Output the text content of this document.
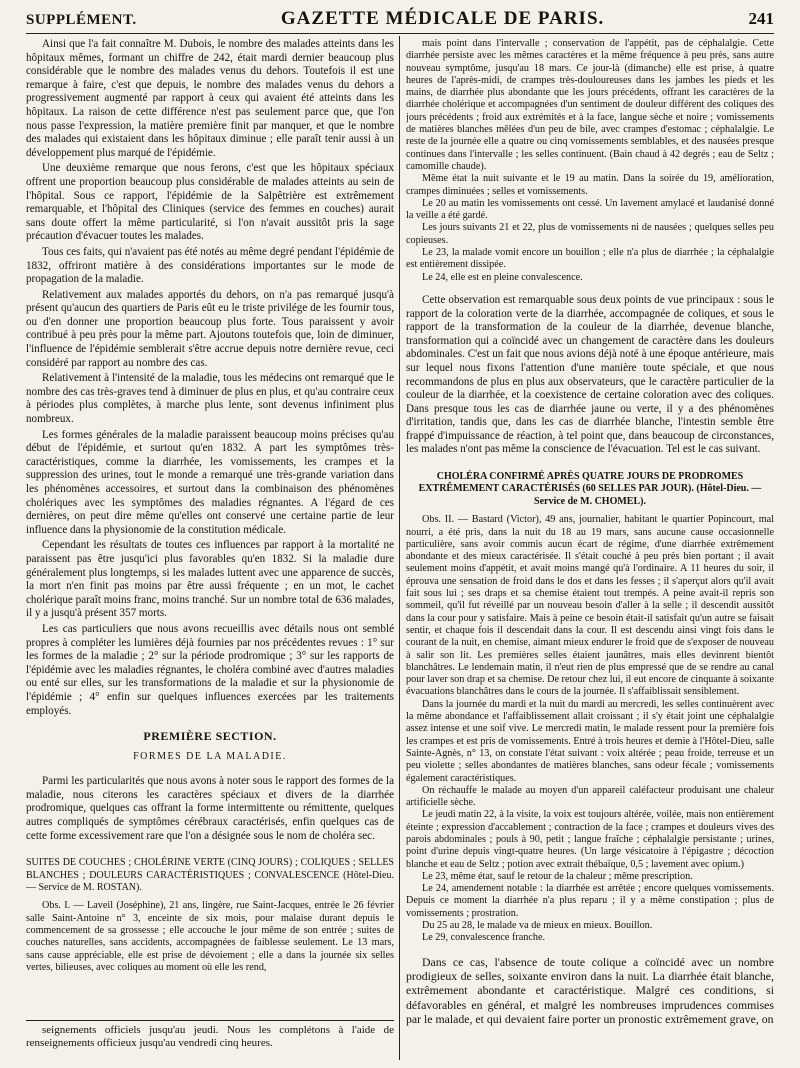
SUPPLÉMENT.	GAZETTE MÉDICALE DE PARIS.	241

Ainsi que l'a fait connaître M. Dubois, le nombre des malades atteints dans les hôpitaux mêmes, formant un chiffre de 242, était mardi dernier beaucoup plus considérable que le nombre des malades venus du dehors. Toutefois il est une remarque à faire, c'est que depuis, le nombre des malades venus du dehors a progressivement augmenté par rapport à ceux qui avaient été atteints dans les hôpitaux. La raison de cette différence n'est pas seulement parce que, que l'on nous passe l'expression, la matière première finit par manquer, et que le nombre des malades qui existaient dans les hôpitaux diminue ; elle paraît tenir aussi à un développement plus marqué de l'épidémie.

Une deuxième remarque que nous ferons, c'est que les hôpitaux spéciaux offrent une proportion beaucoup plus considérable de malades atteints au sein de l'hôpital. Sous ce rapport, l'épidémie de la Salpêtrière est extrêmement remarquable, et l'hôpital des Cliniques (service des femmes en couches) aurait sans doute offert la même particularité, si l'on n'avait aussitôt pris la sage précaution d'évacuer toutes les malades.

Tous ces faits, qui n'avaient pas été notés au même degré pendant l'épidémie de 1832, offriront matière à des considérations importantes sur le mode de propagation de la maladie.

Relativement aux malades apportés du dehors, on n'a pas remarqué jusqu'à présent qu'aucun des quartiers de Paris eût eu le triste privilége de les fournir tous, ou d'en donner une proportion beaucoup plus forte. Tous paraissent y avoir contribué à peu près pour la même part. Ajoutons toutefois que, loin de diminuer, l'influence de l'épidémie semblerait s'être accrue depuis notre dernière revue, ceci considéré par rapport au nombre des cas.

Relativement à l'intensité de la maladie, tous les médecins ont remarqué que le nombre des cas très-graves tend à diminuer de plus en plus, et qu'au contraire ceux à périodes plus complètes, à marche plus lente, sont devenus infiniment plus nombreux.

Les formes générales de la maladie paraissent beaucoup moins précises qu'au début de l'épidémie, et surtout qu'en 1832. A part les symptômes très-caractéristiques, comme la diarrhée, les vomissements, les crampes et la suppression des urines, tout le monde a remarqué une très-grande variation dans les phénomènes accessoires, et surtout dans la combinaison des phénomènes cholériques avec les symptômes des maladies régnantes. A l'égard de ces dernières, on peut dire même qu'elles ont conservé une certaine partie de leur influence dans la physionomie de la constitution médicale.

Cependant les résultats de toutes ces influences par rapport à la mortalité ne paraissent pas être jusqu'ici plus favorables qu'en 1832. Si la maladie dure généralement plus longtemps, si les malades luttent avec une apparence de succès, la mort n'en finit pas moins par être aussi fréquente ; en un mot, le cachet cholérique paraît moins franc, moins tranché. Sur un nombre total de 636 malades, il y a jusqu'à présent 357 morts.

Les cas particuliers que nous avons recueillis avec détails nous ont semblé propres à compléter les lumières déjà fournies par nos précédentes revues : 1° sur les formes de la maladie ; 2° sur la période prodromique ; 3° sur les rapports de l'épidémie avec les maladies régnantes, le choléra combiné avec d'autres maladies ou enté sur elles, sur les transformations de la maladie et sur la physionomie de l'épidémie ; 4° enfin sur quelques influences exercées par les traitements employés.

PREMIÈRE SECTION.
FORMES DE LA MALADIE.

Parmi les particularités que nous avons à noter sous le rapport des formes de la maladie, nous citerons les caractères spéciaux et divers de la diarrhée prodromique, quelques cas offrant la forme intermittente ou rémittente, quelques autres compliqués de symptômes cérébraux caractérisés, enfin quelques cas de cette forme excessivement rare que l'on a désignée sous le nom de choléra sec.

SUITES DE COUCHES ; CHOLÉRINE VERTE (CINQ JOURS) ; COLIQUES ; SELLES BLANCHES ; DOULEURS CARACTÉRISTIQUES ; CONVALESCENCE (Hôtel-Dieu. — Service de M. ROSTAN).

Obs. I. — Laveil (Joséphine), 21 ans, lingère, rue Saint-Jacques, entrée le 26 février salle Saint-Antoine n° 3, enceinte de six mois, pour malaise durant depuis le commencement de sa grossesse ; elle accouche le jour même de son entrée ; suites de couches naturelles, sans accidents, accompagnées de faiblesse seulement. Le 13 mars, sans cause appréciable, elle est prise de dévoiement ; elle a dans la journée six selles vertes, bilieuses, avec coliques au moment où elle les rend,

seignements officiels jusqu'au jeudi. Nous les complétons à l'aide de renseignements officieux jusqu'au vendredi cinq heures.

mais point dans l'intervalle ; conservation de l'appétit, pas de céphalalgie. Cette diarrhée persiste avec les mêmes caractères et la même fréquence à peu près, sans autre nouveau symptôme, jusqu'au 18 mars. Ce jour-là (dimanche) elle est prise, à quatre heures de l'après-midi, de crampes très-douloureuses dans les jambes les pieds et les mains, de diarrhée plus abondante que les jours précédents, offrant les caractères de la diarrhée cholérique et accompagnées d'un sentiment de douleur différent des coliques des jours précédents ; froid aux extrémités et à la face, langue sèche et noire ; vomissements de matières blanches mêlées d'un peu de bile, avec crampes d'estomac ; céphalalgie. Le reste de la journée elle a quatre ou cinq vomissements semblables, et des nausées presque continues dans l'intervalle ; les selles continuent. (Bain chaud à 42 degrés ; eau de Seltz ; camomille chaude).

Même état la nuit suivante et le 19 au matin. Dans la soirée du 19, amélioration, crampes diminuées ; selles et vomissements.

Le 20 au matin les vomissements ont cessé. Un lavement amylacé et laudanisé donné la veille a été gardé.

Les jours suivants 21 et 22, plus de vomissements ni de nausées ; quelques selles peu copieuses.

Le 23, la malade vomit encore un bouillon ; elle n'a plus de diarrhée ; la céphalalgie est entièrement dissipée.

Le 24, elle est en pleine convalescence.

Cette observation est remarquable sous deux points de vue principaux : sous le rapport de la coloration verte de la diarrhée, accompagnée de coliques, et sous le rapport de la transformation de la couleur de la diarrhée, devenue blanche, transformation qui a coïncidé avec un changement de caractère dans les douleurs abdominales. C'est un fait que nous avions déjà noté à une époque antérieure, mais sur lequel nous fixons l'attention d'une manière toute spéciale, et que nous recommandons de plus en plus aux observateurs, que le caractère particulier de la couleur de la diarrhée, et la coexistence de certaine coloration avec des coliques. Dans presque tous les cas de diarrhée jaune ou verte, il y a des phénomènes d'irritation, tandis que, dans les cas de diarrhée blanche, l'intestin semble être frappé d'impuissance de réaction, à tel point que, dans beaucoup de circonstances, les malades n'ont pas même la conscience de l'évacuation. Tel est le cas suivant.

CHOLÉRA CONFIRMÉ APRÈS QUATRE JOURS DE PRODROMES EXTRÊMEMENT CARACTÉRISÉS (60 SELLES PAR JOUR). (Hôtel-Dieu. — Service de M. CHOMEL).

Obs. II. — Bastard (Victor), 49 ans, journalier, habitant le quartier Popincourt, mal nourri, a été pris, dans la nuit du 18 au 19 mars, sans aucune cause occasionnelle particulière, sans avoir commis aucun écart de régime, d'une diarrhée extrêmement abondante et des mieux caractérisée. Il s'était couché à peu près bien portant ; il avait seulement moins d'appétit, et avait moins mangé qu'à l'ordinaire. A 11 heures du soir, il éprouva une sensation de froid dans le dos et dans les fesses ; il s'aperçut alors qu'il avait fait sous lui ; ses draps et sa chemise étaient tout trempés. A peine avait-il repris son sommeil, qu'il fut réveillé par un nouveau besoin d'aller à la selle ; il descendit aussitôt dans la cour pour y satisfaire. Mais à peine ce besoin était-il satisfait qu'un autre se faisait sentir, et chaque fois il descendait dans la cour. Il est descendu ainsi vingt fois dans le courant de la nuit, en chemise, aimant mieux endurer le froid que de s'exposer de nouveau à salir son lit. Les premières selles étaient jaunâtres, mais elles devinrent bientôt blanchâtres. Le lendemain matin, il n'eut rien de plus empressé que de se rendre au canal pour laver son drap et sa chemise. De retour chez lui, il eut encore de cinquante à soixante évacuations blanchâtres dans le cours de la journée. Il s'affaiblissait sensiblement.

Dans la journée du mardi et la nuit du mardi au mercredi, les selles continuèrent avec la même abondance et l'affaiblissement allait croissant ; il s'y était joint une céphalalgie assez intense et une soif vive. Le mercredi matin, le malade ressent pour la première fois les crampes et est pris de vomissements. Entré à trois heures et demie à l'Hôtel-Dieu, salle Sainte-Agnès, n° 13, on constate l'état suivant : voix altérée ; peau froide, terreuse et un peu violette ; selles abondantes de matières blanches, sans odeur fécale ; vomissements également caractéristiques.

On réchauffe le malade au moyen d'un appareil caléfacteur produisant une chaleur artificielle sèche.

Le jeudi matin 22, à la visite, la voix est toujours altérée, voilée, mais non entièrement éteinte ; expression d'accablement ; contraction de la face ; crampes et douleurs vives des parois abdominales ; pouls à 90, petit ; langue fraîche ; céphalalgie persistante ; urines, point d'urine depuis vingt-quatre heures. (Un large vésicatoire à l'épigastre ; décoction blanche et eau de Seltz ; potion avec extrait thébaïque, 0,5 ; lavement avec opium.)

Le 23, même état, sauf le retour de la chaleur ; même prescription.

Le 24, amendement notable : la diarrhée est arrêtée ; encore quelques vomissements. Depuis ce moment la diarrhée n'a plus reparu ; il y a même constipation ; plus de vomissements ; prostration.

Du 25 au 28, le malade va de mieux en mieux. Bouillon.

Le 29, convalescence franche.

Dans ce cas, l'absence de toute colique a coïncidé avec un nombre prodigieux de selles, soixante environ dans la nuit. La diarrhée était blanche, extrêmement abondante et caractéristique. Malgré ces conditions, si défavorables en général, et malgré les nombreuses imprudences commises par le malade, et qui devaient faire porter un pronostic extrêmement grave, on
